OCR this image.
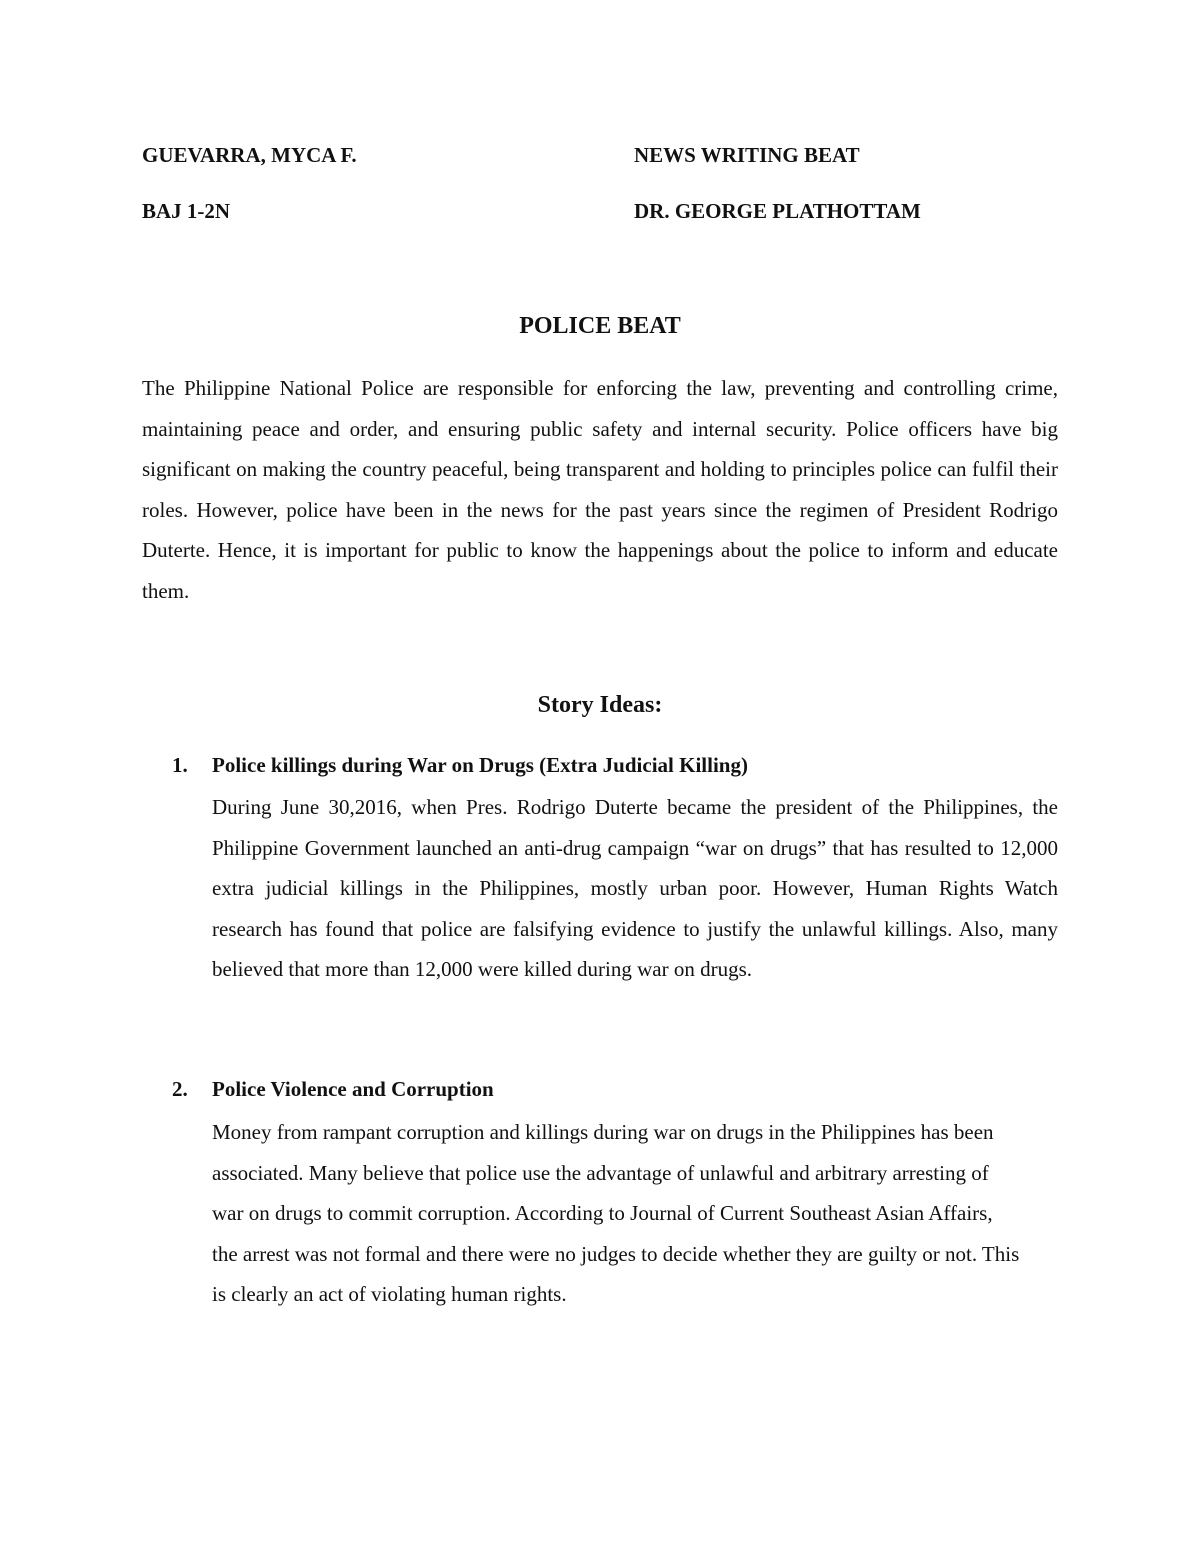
GUEVARRA, MYCA F.	NEWS WRITING BEAT
BAJ 1-2N	DR. GEORGE PLATHOTTAM
POLICE BEAT

The Philippine National Police are responsible for enforcing the law, preventing and controlling crime, maintaining peace and order, and ensuring public safety and internal security. Police officers have big significant on making the country peaceful, being transparent and holding to principles police can fulfil their roles. However, police have been in the news for the past years since the regimen of President Rodrigo Duterte. Hence, it is important for public to know the happenings about the police to inform and educate them.

Story Ideas:
1. Police killings during War on Drugs (Extra Judicial Killing)

During June 30,2016, when Pres. Rodrigo Duterte became the president of the Philippines, the Philippine Government launched an anti-drug campaign “war on drugs” that has resulted to 12,000 extra judicial killings in the Philippines, mostly urban poor. However, Human Rights Watch research has found that police are falsifying evidence to justify the unlawful killings. Also, many believed that more than 12,000 were killed during war on drugs.

2. Police Violence and Corruption

Money from rampant corruption and killings during war on drugs in the Philippines has been associated. Many believe that police use the advantage of unlawful and arbitrary arresting of war on drugs to commit corruption. According to Journal of Current Southeast Asian Affairs, the arrest was not formal and there were no judges to decide whether they are guilty or not. This is clearly an act of violating human rights.
